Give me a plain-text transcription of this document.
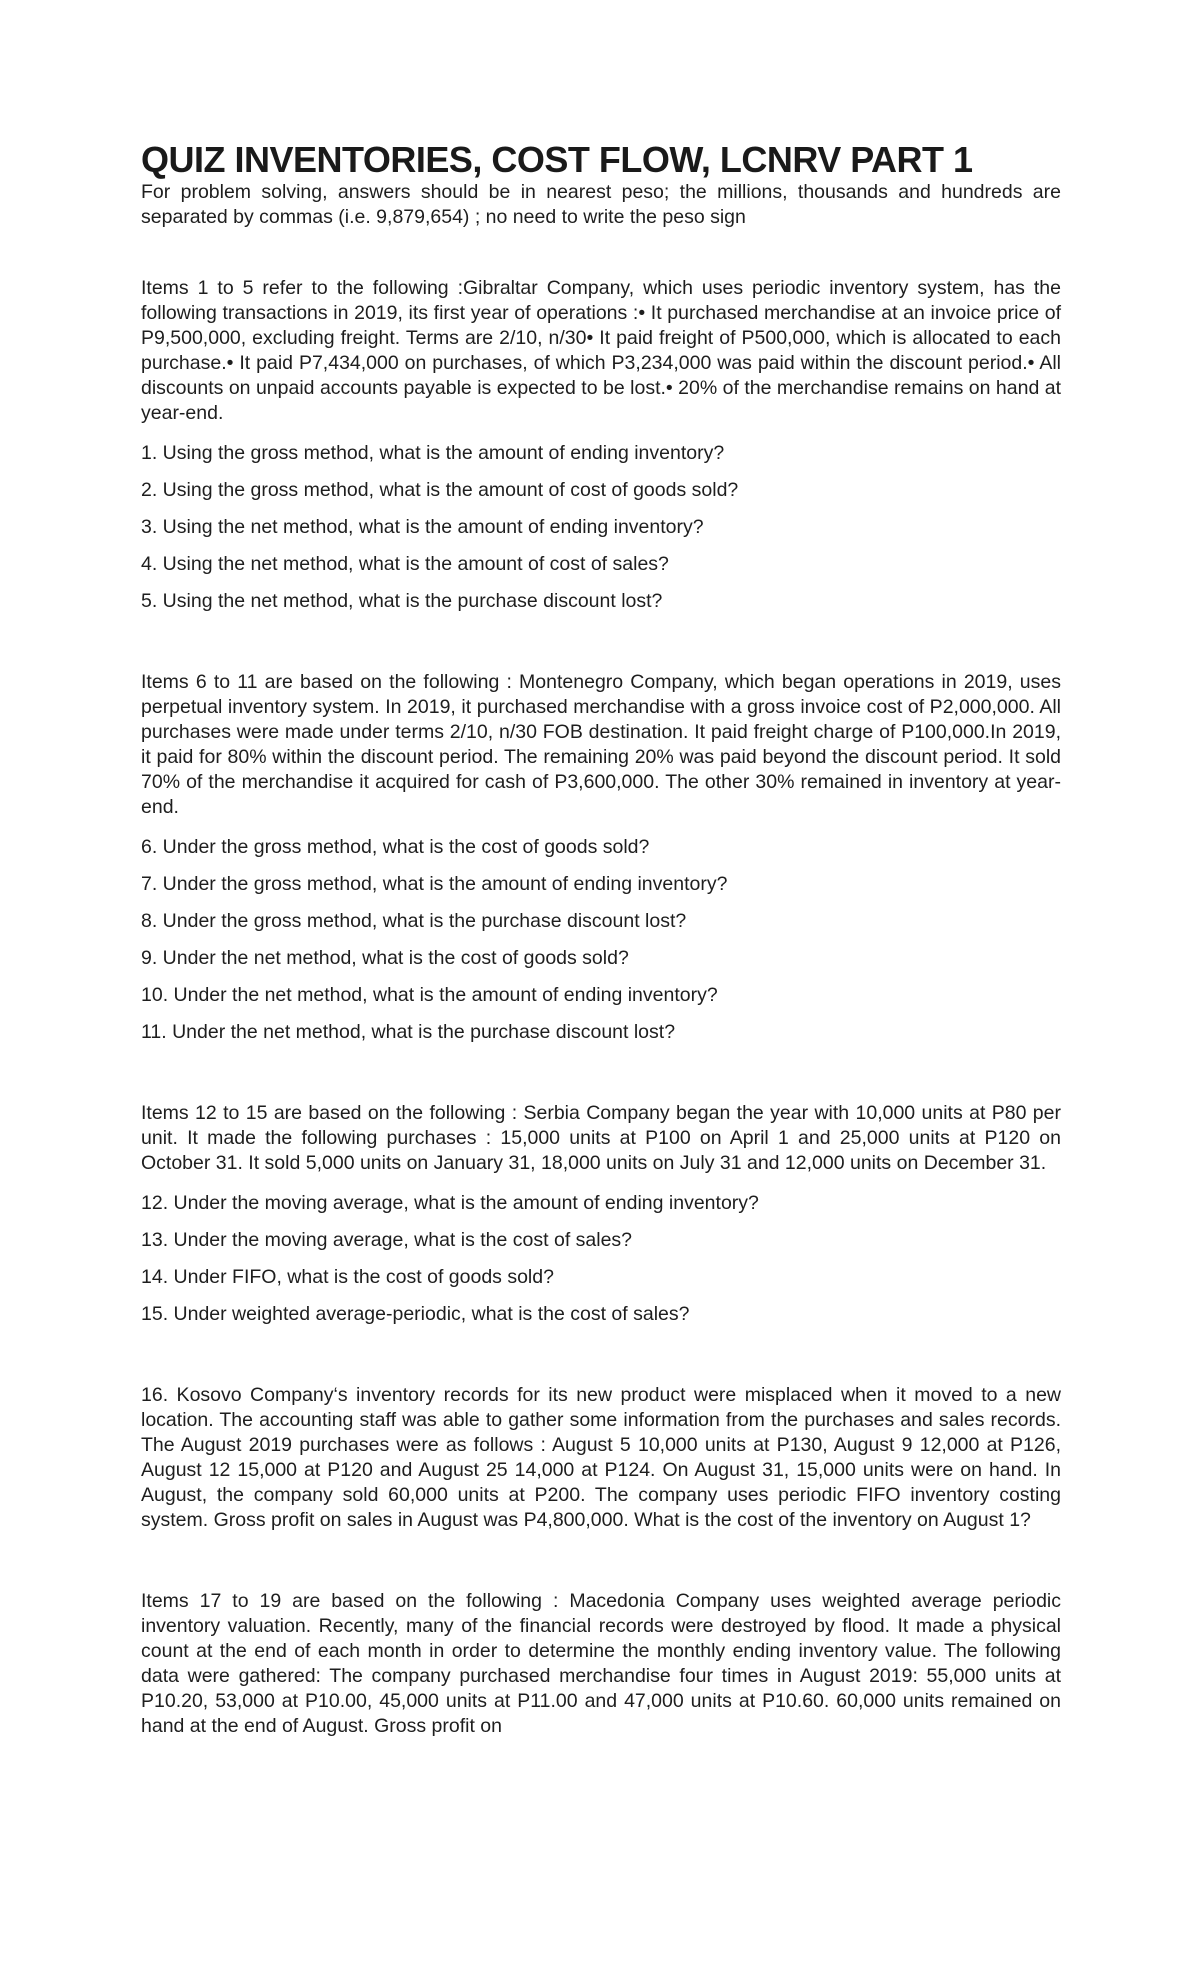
QUIZ INVENTORIES, COST FLOW, LCNRV PART 1

For problem solving, answers should be in nearest peso; the millions, thousands and hundreds are separated by commas (i.e. 9,879,654) ; no need to write the peso sign

Items 1 to 5 refer to the following :Gibraltar Company, which uses periodic inventory system, has the following transactions in 2019, its first year of operations :• It purchased merchandise at an invoice price of P9,500,000, excluding freight. Terms are 2/10, n/30• It paid freight of P500,000, which is allocated to each purchase.• It paid P7,434,000 on purchases, of which P3,234,000 was paid within the discount period.• All discounts on unpaid accounts payable is expected to be lost.• 20% of the merchandise remains on hand at year-end.

1. Using the gross method, what is the amount of ending inventory?

2. Using the gross method, what is the amount of cost of goods sold?

3. Using the net method, what is the amount of ending inventory?

4. Using the net method, what is the amount of cost of sales?

5. Using the net method, what is the purchase discount lost?

Items 6 to 11 are based on the following : Montenegro Company, which began operations in 2019, uses perpetual inventory system. In 2019, it purchased merchandise with a gross invoice cost of P2,000,000. All purchases were made under terms 2/10, n/30 FOB destination. It paid freight charge of P100,000.In 2019, it paid for 80% within the discount period. The remaining 20% was paid beyond the discount period. It sold 70% of the merchandise it acquired for cash of P3,600,000. The other 30% remained in inventory at year-end.

6. Under the gross method, what is the cost of goods sold?

7. Under the gross method, what is the amount of ending inventory?

8. Under the gross method, what is the purchase discount lost?

9. Under the net method, what is the cost of goods sold?

10. Under the net method, what is the amount of ending inventory?

11. Under the net method, what is the purchase discount lost?

Items 12 to 15 are based on the following : Serbia Company began the year with 10,000 units at P80 per unit. It made the following purchases : 15,000 units at P100 on April 1 and 25,000 units at P120 on October 31. It sold 5,000 units on January 31, 18,000 units on July 31 and 12,000 units on December 31.

12. Under the moving average, what is the amount of ending inventory?

13. Under the moving average, what is the cost of sales?

14. Under FIFO, what is the cost of goods sold?

15. Under weighted average-periodic, what is the cost of sales?

16. Kosovo Company‘s inventory records for its new product were misplaced when it moved to a new location. The accounting staff was able to gather some information from the purchases and sales records. The August 2019 purchases were as follows : August 5 10,000 units at P130, August 9 12,000 at P126, August 12 15,000 at P120 and August 25 14,000 at P124. On August 31, 15,000 units were on hand. In August, the company sold 60,000 units at P200. The company uses periodic FIFO inventory costing system. Gross profit on sales in August was P4,800,000. What is the cost of the inventory on August 1?

Items 17 to 19 are based on the following : Macedonia Company uses weighted average periodic inventory valuation. Recently, many of the financial records were destroyed by flood. It made a physical count at the end of each month in order to determine the monthly ending inventory value. The following data were gathered: The company purchased merchandise four times in August 2019: 55,000 units at P10.20, 53,000 at P10.00, 45,000 units at P11.00 and 47,000 units at P10.60. 60,000 units remained on hand at the end of August. Gross profit on
